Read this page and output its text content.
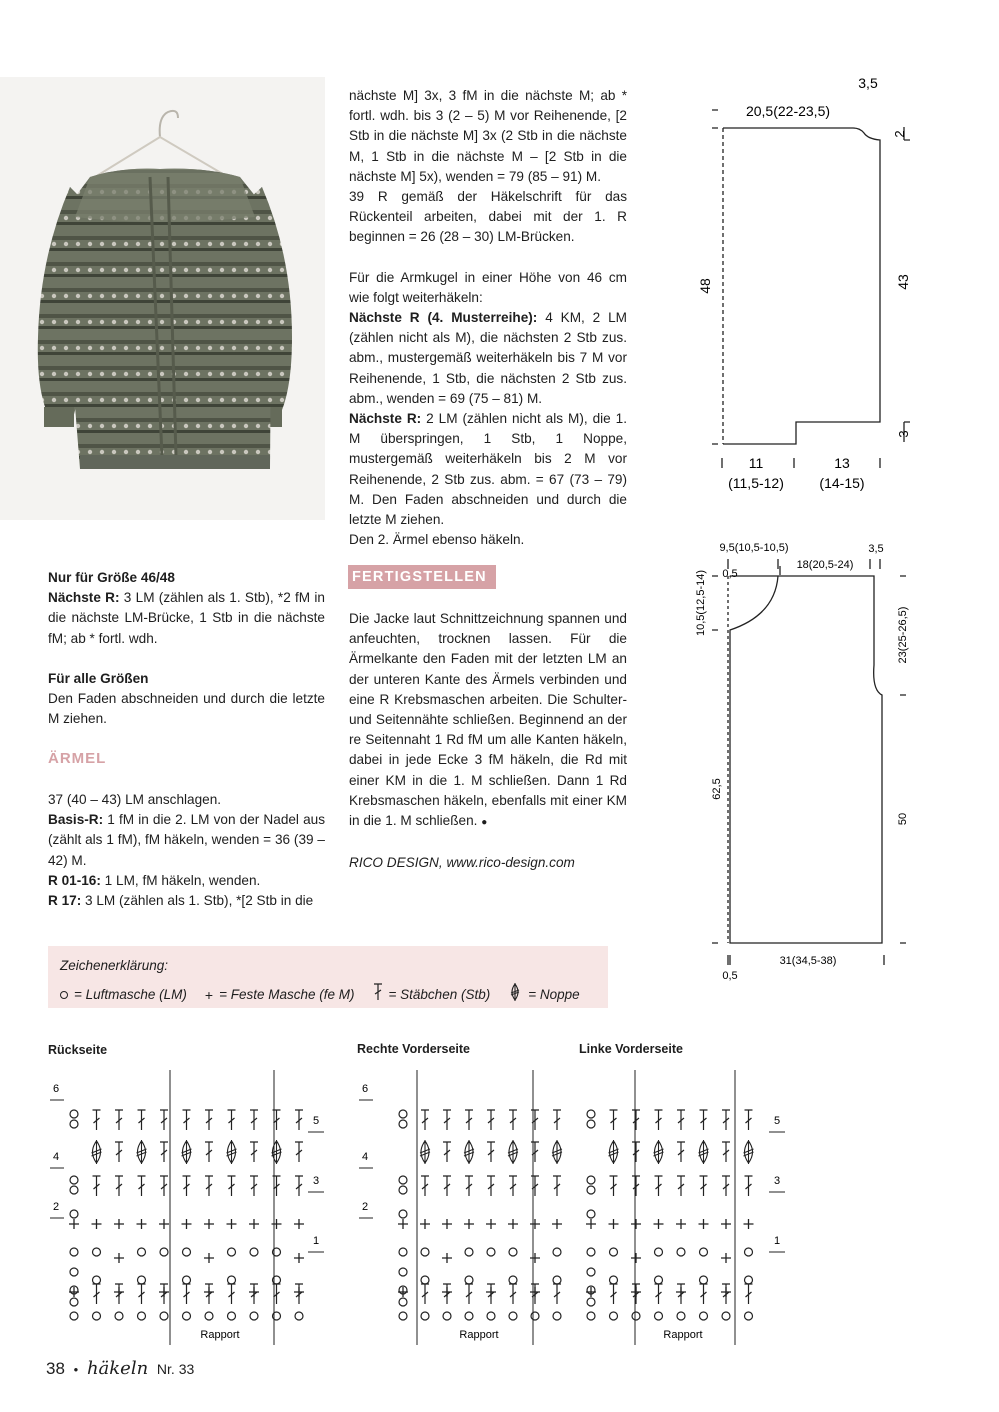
Nur für Größe 46/48

Nächste R: 3 LM (zählen als 1. Stb), *2 fM in die nächste LM-Brücke, 1 Stb in die nächste fM; ab * fortl. wdh.

Für alle Größen

Den Faden abschneiden und durch die letzte M ziehen.

ÄRMEL

37 (40 – 43) LM anschlagen.

Basis-R: 1 fM in die 2. LM von der Nadel aus (zählt als 1 fM), fM häkeln, wenden = 36 (39 – 42) M.

R 01-16: 1 LM, fM häkeln, wenden.

R 17: 3 LM (zählen als 1. Stb), *[2 Stb in die

nächste M] 3x, 3 fM in die nächste M; ab * fortl. wdh. bis 3 (2 – 5) M vor Reihenende, [2 Stb in die nächste M] 3x (2 Stb in die nächste M, 1 Stb in die nächste M – [2 Stb in die nächste M] 5x), wenden = 79 (85 – 91) M.

39 R gemäß der Häkelschrift für das Rückenteil arbeiten, dabei mit der 1. R beginnen = 26 (28 – 30) LM-Brücken.

Für die Armkugel in einer Höhe von 46 cm wie folgt weiterhäkeln:

Nächste R (4. Musterreihe): 4 KM, 2 LM (zählen nicht als M), die nächsten 2 Stb zus. abm., mustergemäß weiterhäkeln bis 7 M vor Reihenende, 1 Stb, die nächsten 2 Stb zus. abm., wenden = 69 (75 – 81) M.

Nächste R: 2 LM (zählen nicht als M), die 1. M überspringen, 1 Stb, 1 Noppe, mustergemäß weiterhäkeln bis 2 M vor Reihenende, 2 Stb zus. abm. = 67 (73 – 79) M. Den Faden abschneiden und durch die letzte M ziehen.

Den 2. Ärmel ebenso häkeln.

FERTIGSTELLEN

Die Jacke laut Schnittzeichnung spannen und anfeuchten, trocknen lassen. Für die Ärmelkante den Faden mit der letzten LM an der unteren Kante des Ärmels verbinden und eine R Krebsmaschen arbeiten. Die Schulter- und Seitennähte schließen. Beginnend an der re Seitennaht 1 Rd fM um alle Kanten häkeln, dabei in jede Ecke 3 fM häkeln, die Rd mit einer KM in die 1. M schließen. Dann 1 Rd Krebsmaschen häkeln, ebenfalls mit einer KM in die 1. M schließen. ●

RICO DESIGN, www.rico-design.com

20,5(22-23,5)
3,5
2
48	43
3
11
(11,5-12)
13
(14-15)
9,5(10,5-10,5)	3,5
0,5
18(20,5-24)
10,5(12,5-14)	23(25-26,5)
62,5
50
31(34,5-38)
0,5
Zeichenerklärung:
= Luftmasche (LM) + = Feste Masche (fe M)	= Stäbchen (Stb)	= Noppe
Rückseite	Rechte Vorderseite	Linke Vorderseite
6
4
2
5
3
1
Rapport
6
4
2
Rapport
5
3
1
Rapport
38 • häkeln Nr. 33
